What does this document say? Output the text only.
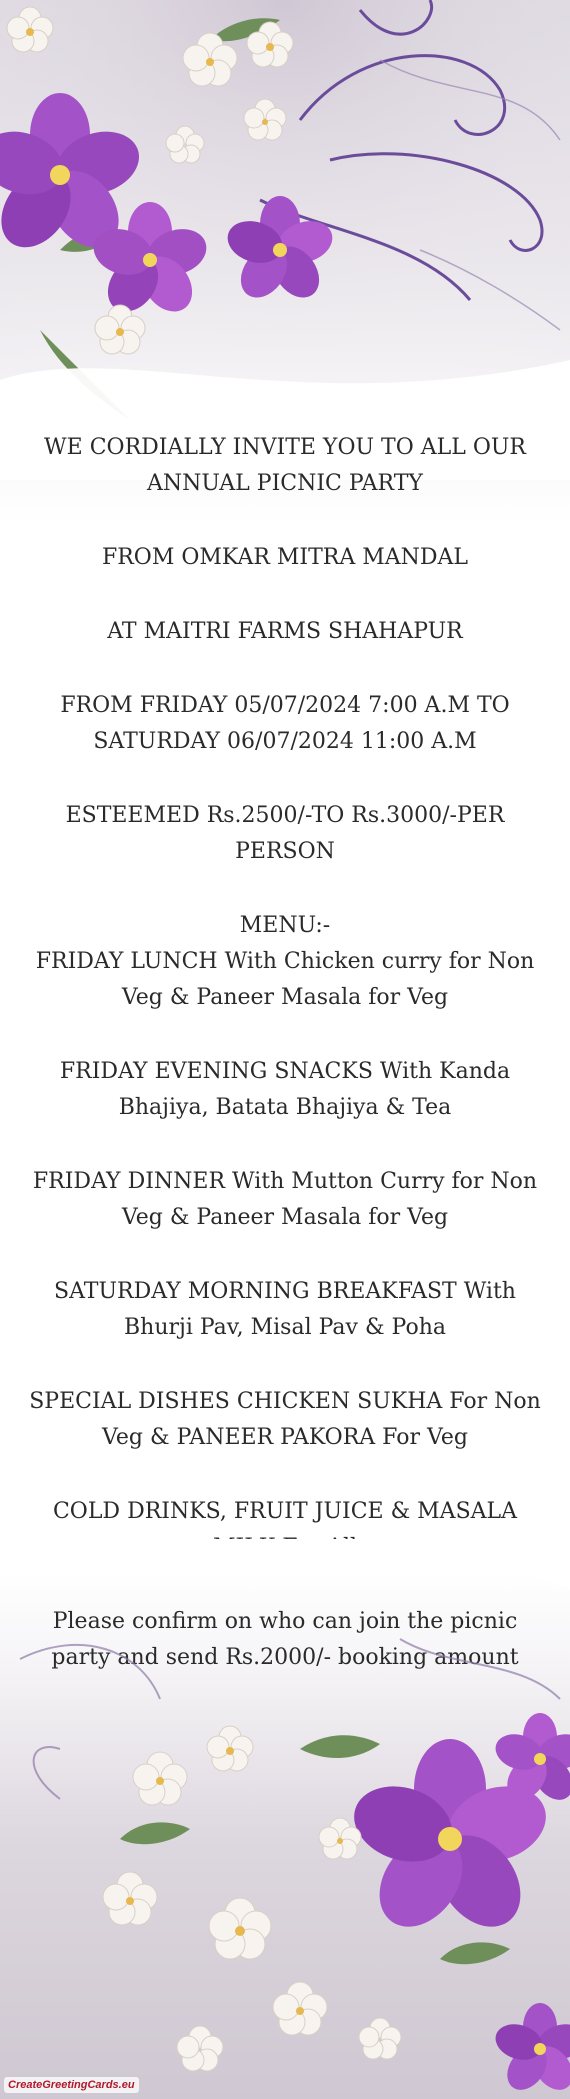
WE CORDIALLY INVITE YOU TO ALL OUR ANNUAL PICNIC PARTY

FROM OMKAR MITRA MANDAL

AT MAITRI FARMS SHAHAPUR

FROM FRIDAY 05/07/2024 7:00 A.M TO SATURDAY 06/07/2024 11:00 A.M

ESTEEMED Rs.2500/-TO Rs.3000/-PER PERSON

MENU:-

FRIDAY LUNCH With Chicken curry for Non Veg & Paneer Masala for Veg

FRIDAY EVENING SNACKS With Kanda Bhajiya, Batata Bhajiya & Tea

FRIDAY DINNER With Mutton Curry for Non Veg & Paneer Masala for Veg

SATURDAY MORNING BREAKFAST With Bhurji Pav, Misal Pav & Poha

SPECIAL DISHES CHICKEN SUKHA For Non Veg & PANEER PAKORA For Veg

COLD DRINKS, FRUIT JUICE & MASALA

Please confirm on who can join the picnic party and send Rs.2000/- booking amount

CreateGreetingCards.eu
